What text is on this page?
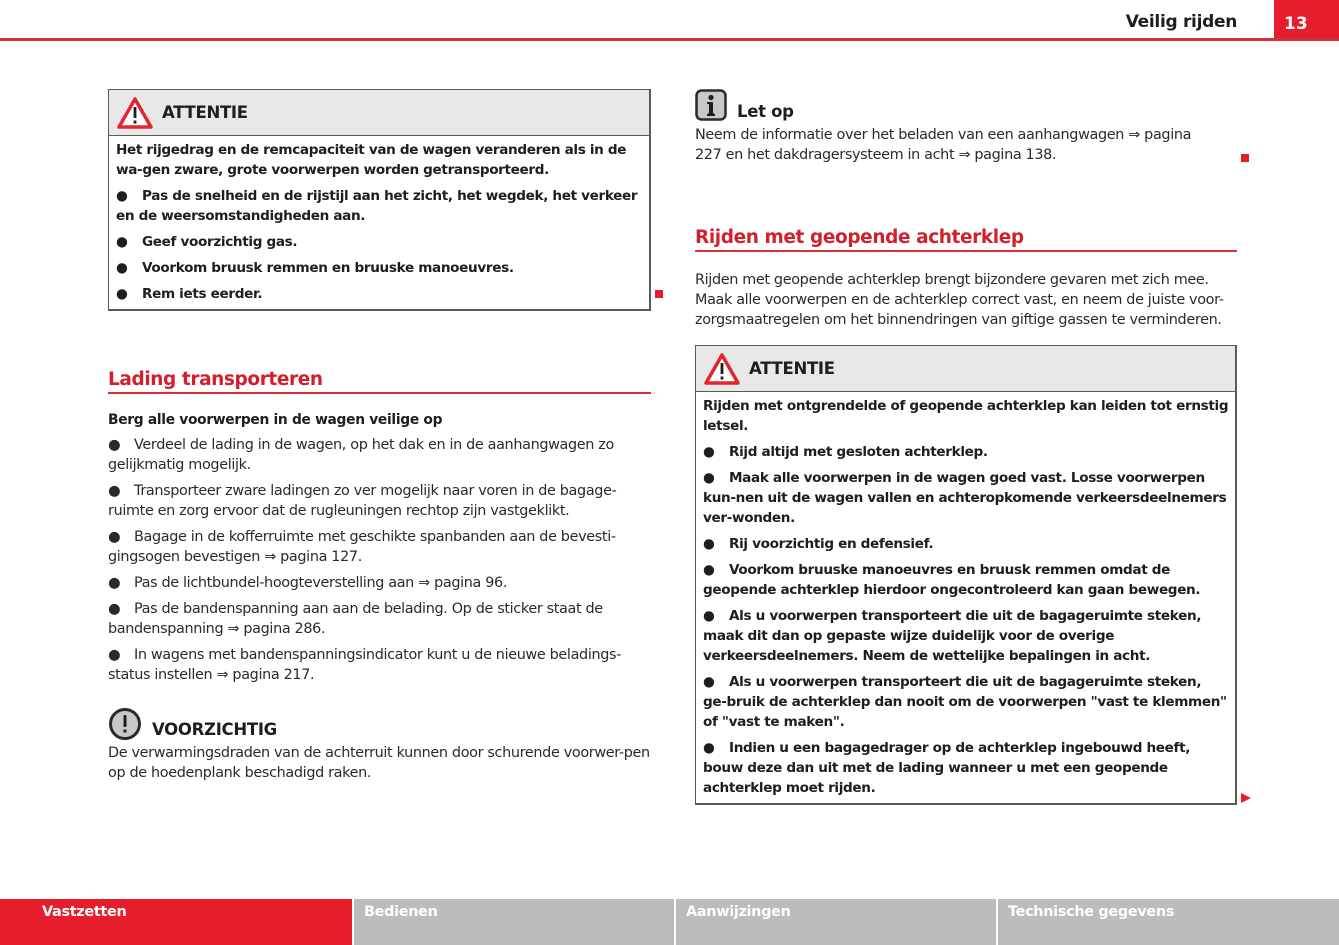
Veilig rijden	13
ATTENTIE

Het rijgedrag en de remcapaciteit van de wagen veranderen als in de wa-gen zware, grote voorwerpen worden getransporteerd.

● Pas de snelheid en de rijstijl aan het zicht, het wegdek, het verkeer en de weersomstandigheden aan.

● Geef voorzichtig gas.

● Voorkom bruusk remmen en bruuske manoeuvres.

● Rem iets eerder.

Lading transporteren
Berg alle voorwerpen in de wagen veilige op

● Verdeel de lading in de wagen, op het dak en in de aanhangwagen zo gelijkmatig mogelijk.

● Transporteer zware ladingen zo ver mogelijk naar voren in de bagage-ruimte en zorg ervoor dat de rugleuningen rechtop zijn vastgeklikt.

● Bagage in de kofferruimte met geschikte spanbanden aan de bevesti-gingsogen bevestigen ⇒ pagina 127.

● Pas de lichtbundel-hoogteverstelling aan ⇒ pagina 96.

● Pas de bandenspanning aan aan de belading. Op de sticker staat de bandenspanning ⇒ pagina 286.

● In wagens met bandenspanningsindicator kunt u de nieuwe beladings-status instellen ⇒ pagina 217.

VOORZICHTIG
De verwarmingsdraden van de achterruit kunnen door schurende voorwer-pen op de hoedenplank beschadigd raken.
Let op
Neem de informatie over het beladen van een aanhangwagen ⇒ pagina 227 en het dakdragersysteem in acht ⇒ pagina 138.
Rijden met geopende achterklep
Rijden met geopende achterklep brengt bijzondere gevaren met zich mee. Maak alle voorwerpen en de achterklep correct vast, en neem de juiste voor-zorgsmaatregelen om het binnendringen van giftige gassen te verminderen.
ATTENTIE

Rijden met ontgrendelde of geopende achterklep kan leiden tot ernstig letsel.

● Rijd altijd met gesloten achterklep.

● Maak alle voorwerpen in de wagen goed vast. Losse voorwerpen kun-nen uit de wagen vallen en achteropkomende verkeersdeelnemers ver-wonden.

● Rij voorzichtig en defensief.

● Voorkom bruuske manoeuvres en bruusk remmen omdat de geopende achterklep hierdoor ongecontroleerd kan gaan bewegen.

● Als u voorwerpen transporteert die uit de bagageruimte steken, maak dit dan op gepaste wijze duidelijk voor de overige verkeersdeelnemers. Neem de wettelijke bepalingen in acht.

● Als u voorwerpen transporteert die uit de bagageruimte steken, ge-bruik de achterklep dan nooit om de voorwerpen "vast te klemmen" of "vast te maken".

● Indien u een bagagedrager op de achterklep ingebouwd heeft, bouw deze dan uit met de lading wanneer u met een geopende achterklep moet rijden.

Vastzetten	Bedienen	Aanwijzingen	Technische gegevens
